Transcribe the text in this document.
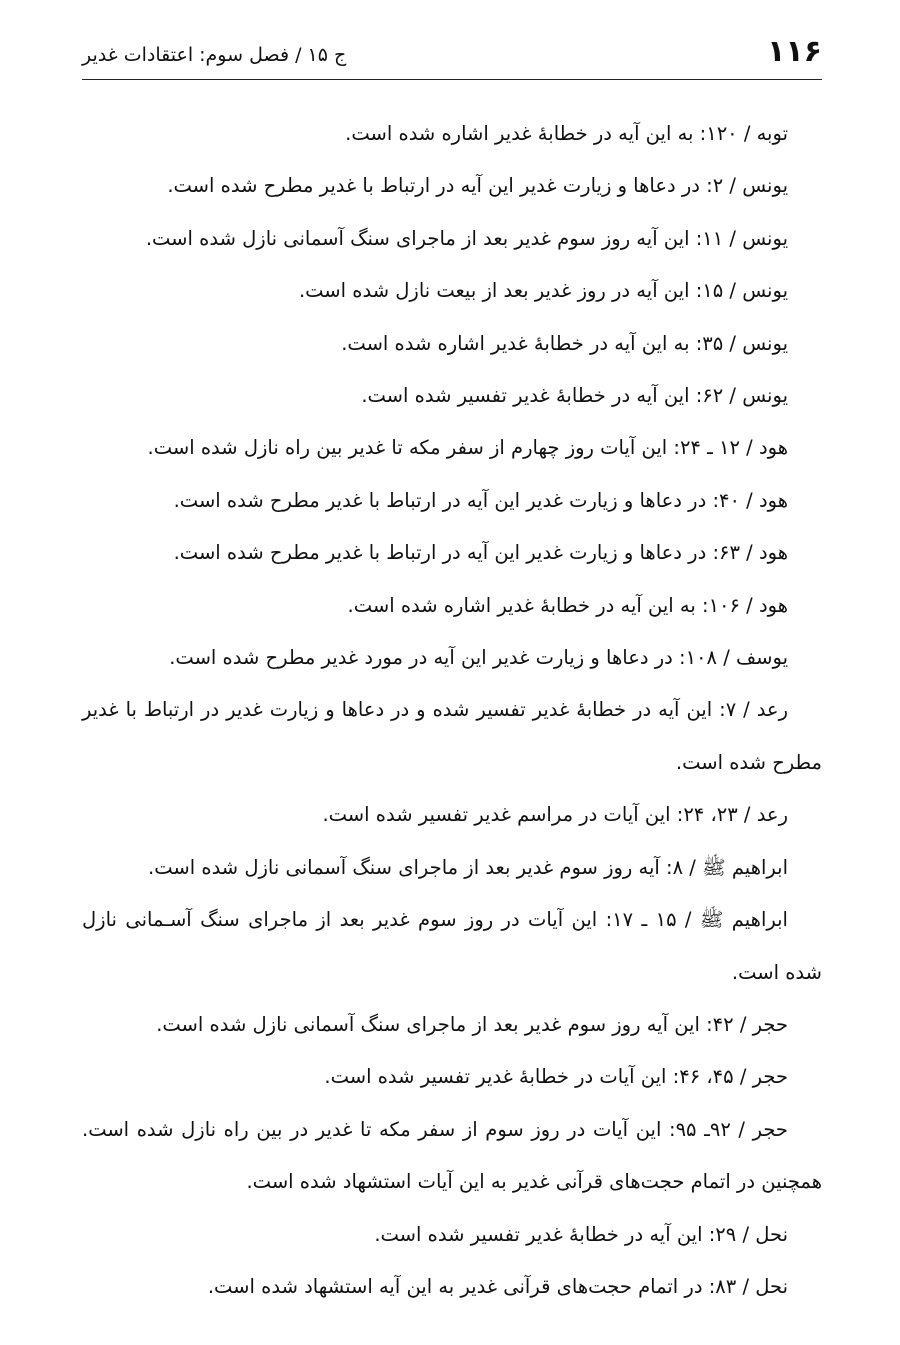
۱۱۶
ج ۱۵ / فصل سوم: اعتقادات غدیر

توبه / ۱۲۰: به این آیه در خطابهٔ غدیر اشاره شده است.

یونس / ۲: در دعاها و زیارت غدیر این آیه در ارتباط با غدیر مطرح شده است.

یونس / ۱۱: این آیه روز سوم غدیر بعد از ماجرای سنگ آسمانی نازل شده است.

یونس / ۱۵: این آیه در روز غدیر بعد از بیعت نازل شده است.

یونس / ۳۵: به این آیه در خطابهٔ غدیر اشاره شده است.

یونس / ۶۲: این آیه در خطابهٔ غدیر تفسیر شده است.

هود / ۱۲ ـ ۲۴: این آیات روز چهارم از سفر مکه تا غدیر بین راه نازل شده است.

هود / ۴۰: در دعاها و زیارت غدیر این آیه در ارتباط با غدیر مطرح شده است.

هود / ۶۳: در دعاها و زیارت غدیر این آیه در ارتباط با غدیر مطرح شده است.

هود / ۱۰۶: به این آیه در خطابهٔ غدیر اشاره شده است.

یوسف / ۱۰۸: در دعاها و زیارت غدیر این آیه در مورد غدیر مطرح شده است.

رعد / ۷: این آیه در خطابهٔ غدیر تفسیر شده و در دعاها و زیارت غدیر در ارتباط با غدیر مطرح شده است.

رعد / ۲۳، ۲۴: این آیات در مراسم غدیر تفسیر شده است.

ابراهیم ﷺ / ۸: آیه روز سوم غدیر بعد از ماجرای سنگ آسمانی نازل شده است.

ابراهیم ﷺ / ۱۵ ـ ۱۷: این آیات در روز سوم غدیر بعد از ماجرای سنگ آسـمانی نازل شده است.

حجر / ۴۲: این آیه روز سوم غدیر بعد از ماجرای سنگ آسمانی نازل شده است.

حجر / ۴۵، ۴۶: این آیات در خطابهٔ غدیر تفسیر شده است.

حجر / ۹۲ـ ۹۵: این آیات در روز سوم از سفر مکه تا غدیر در بین راه نازل شده است. همچنین در اتمام حجت‌های قرآنی غدیر به این آیات استشهاد شده است.

نحل / ۲۹: این آیه در خطابهٔ غدیر تفسیر شده است.

نحل / ۸۳: در اتمام حجت‌های قرآنی غدیر به این آیه استشهاد شده است.
